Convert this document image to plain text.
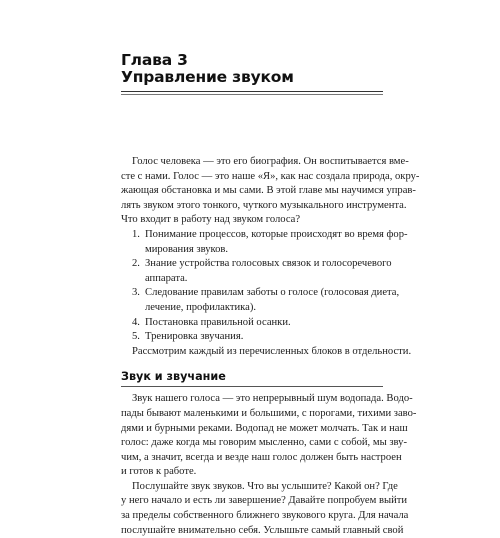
Глава 3
Управление звуком
Голос человека — это его биография. Он воспитывается вме-
сте с нами. Голос — это наше «Я», как нас создала природа, окру-
жающая обстановка и мы сами. В этой главе мы научимся управ-
лять звуком этого тонкого, чуткого музыкального инструмента.
Что входит в работу над звуком голоса?
1. Понимание процессов, которые происходят во время фор-
мирования звуков.
2. Знание устройства голосовых связок и голосоречевого
аппарата.
3. Следование правилам заботы о голосе (голосовая диета,
лечение, профилактика).
4. Постановка правильной осанки.
5. Тренировка звучания.
Рассмотрим каждый из перечисленных блоков в отдельности.
Звук и звучание
Звук нашего голоса — это непрерывный шум водопада. Водо-
пады бывают маленькими и большими, с порогами, тихими заво-
дями и бурными реками. Водопад не может молчать. Так и наш
голос: даже когда мы говорим мысленно, сами с собой, мы зву-
чим, а значит, всегда и везде наш голос должен быть настроен
и готов к работе.
Послушайте звук звуков. Что вы услышите? Какой он? Где
у него начало и есть ли завершение? Давайте попробуем выйти
за пределы собственного ближнего звукового круга. Для начала
послушайте внимательно себя. Услышьте самый главный свой
